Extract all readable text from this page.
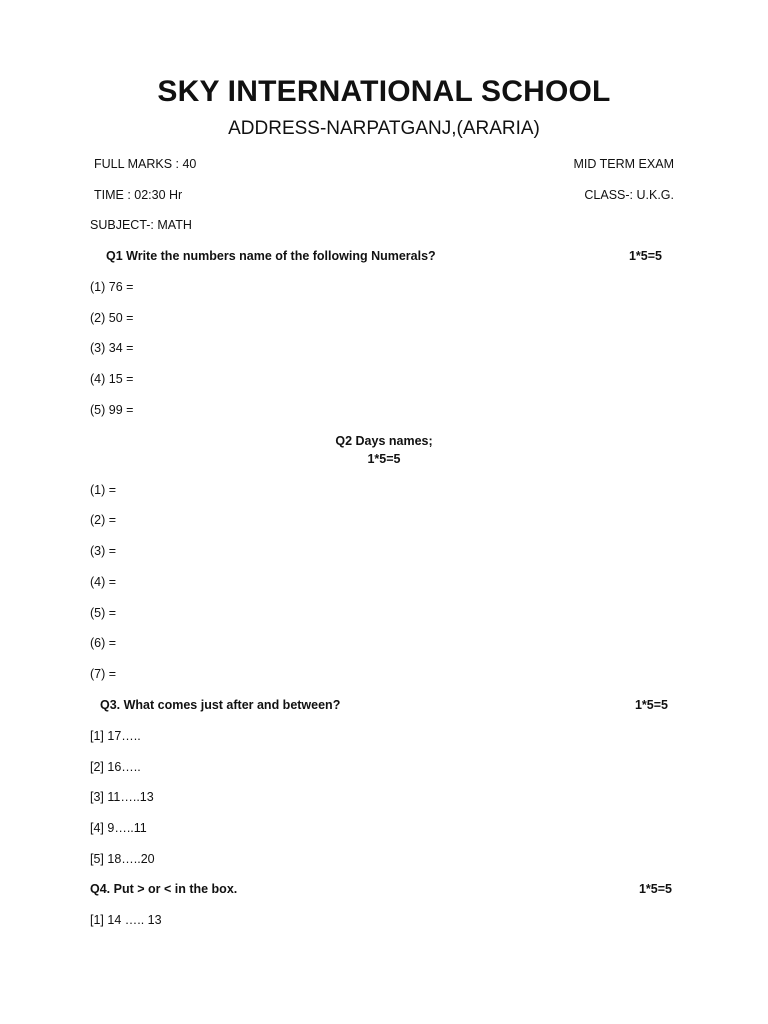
SKY INTERNATIONAL SCHOOL
ADDRESS-NARPATGANJ,(ARARIA)
FULL MARKS : 40	MID TERM EXAM
TIME : 02:30 Hr	CLASS-: U.K.G.
SUBJECT-: MATH
Q1 Write the numbers name of the following Numerals?	1*5=5
(1) 76 =
(2) 50 =
(3) 34 =
(4) 15 =
(5) 99 =
Q2 Days names;
1*5=5
(1) =
(2) =
(3) =
(4) =
(5) =
(6) =
(7) =
Q3. What comes just after and between?	1*5=5
[1] 17…..
[2] 16…..
[3] 11…..13
[4] 9…..11
[5] 18…..20
Q4. Put > or < in the box.	1*5=5
[1] 14 ….. 13
